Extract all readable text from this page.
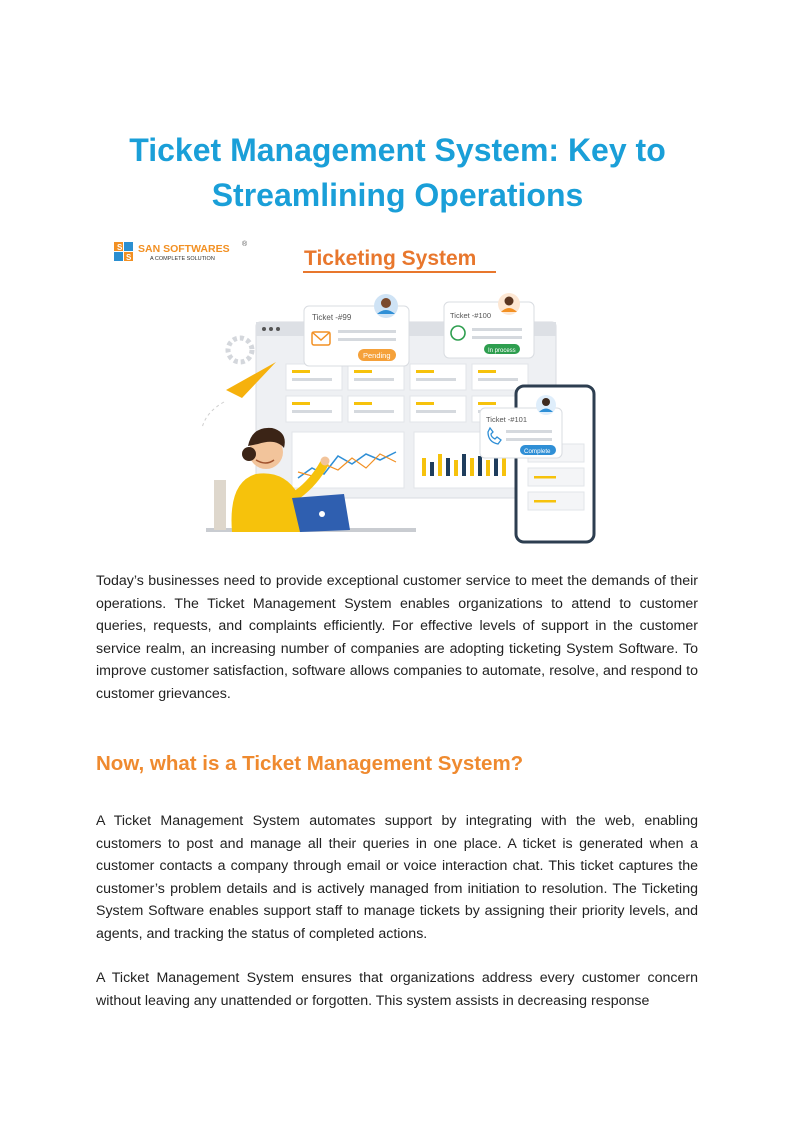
Ticket Management System: Key to Streamlining Operations
S
S
SAN SOFTWARES ®
A COMPLETE SOLUTION	Ticketing System
Ticket -#99
Pending
Ticket -#100
In process
Ticket -#101
Complete

Today’s businesses need to provide exceptional customer service to meet the demands of their operations. The Ticket Management System enables organizations to attend to customer queries, requests, and complaints efficiently. For effective levels of support in the customer service realm, an increasing number of companies are adopting ticketing System Software. To improve customer satisfaction, software allows companies to automate, resolve, and respond to customer grievances.

Now, what is a Ticket Management System?

A Ticket Management System automates support by integrating with the web, enabling customers to post and manage all their queries in one place. A ticket is generated when a customer contacts a company through email or voice interaction chat. This ticket captures the customer’s problem details and is actively managed from initiation to resolution. The Ticketing System Software enables support staff to manage tickets by assigning their priority levels, and agents, and tracking the status of completed actions.

A Ticket Management System ensures that organizations address every customer concern without leaving any unattended or forgotten. This system assists in decreasing response
